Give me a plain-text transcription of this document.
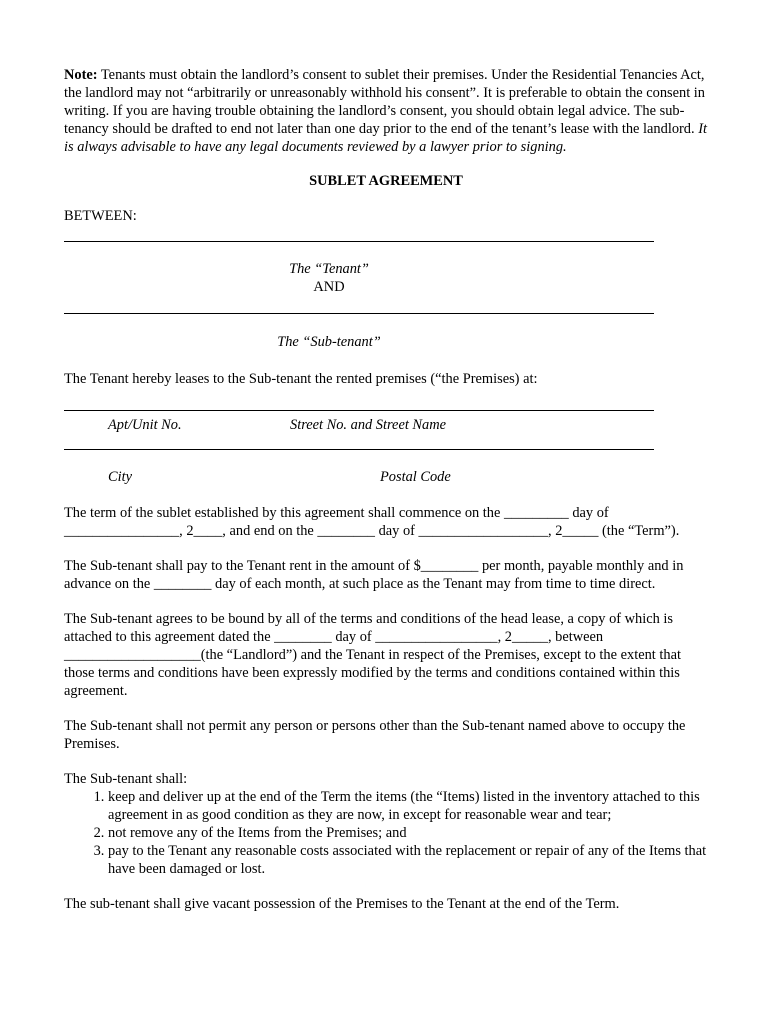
Note: Tenants must obtain the landlord’s consent to sublet their premises. Under the Residential Tenancies Act, the landlord may not “arbitrarily or unreasonably withhold his consent”. It is preferable to obtain the consent in writing. If you are having trouble obtaining the landlord’s consent, you should obtain legal advice. The sub-tenancy should be drafted to end not later than one day prior to the end of the tenant’s lease with the landlord. It is always advisable to have any legal documents reviewed by a lawyer prior to signing.

SUBLET AGREEMENT

BETWEEN:

The “Tenant”

AND

The “Sub-tenant”

The Tenant hereby leases to the Sub-tenant the rented premises (“the Premises) at:

Apt/Unit No.	Street No. and Street Name
City	Postal Code

The term of the sublet established by this agreement shall commence on the _________ day of ________________, 2____, and end on the ________ day of __________________, 2_____ (the “Term”).

The Sub-tenant shall pay to the Tenant rent in the amount of $________ per month, payable monthly and in advance on the ________ day of each month, at such place as the Tenant may from time to time direct.

The Sub-tenant agrees to be bound by all of the terms and conditions of the head lease, a copy of which is attached to this agreement dated the ________ day of _________________, 2_____, between ___________________(the “Landlord”) and the Tenant in respect of the Premises, except to the extent that those terms and conditions have been expressly modified by the terms and conditions contained within this agreement.

The Sub-tenant shall not permit any person or persons other than the Sub-tenant named above to occupy the Premises.

The Sub-tenant shall:

1. keep and deliver up at the end of the Term the items (the “Items) listed in the inventory attached to this agreement in as good condition as they are now, in except for reasonable wear and tear;
2. not remove any of the Items from the Premises; and
3. pay to the Tenant any reasonable costs associated with the replacement or repair of any of the Items that have been damaged or lost.

The sub-tenant shall give vacant possession of the Premises to the Tenant at the end of the Term.
